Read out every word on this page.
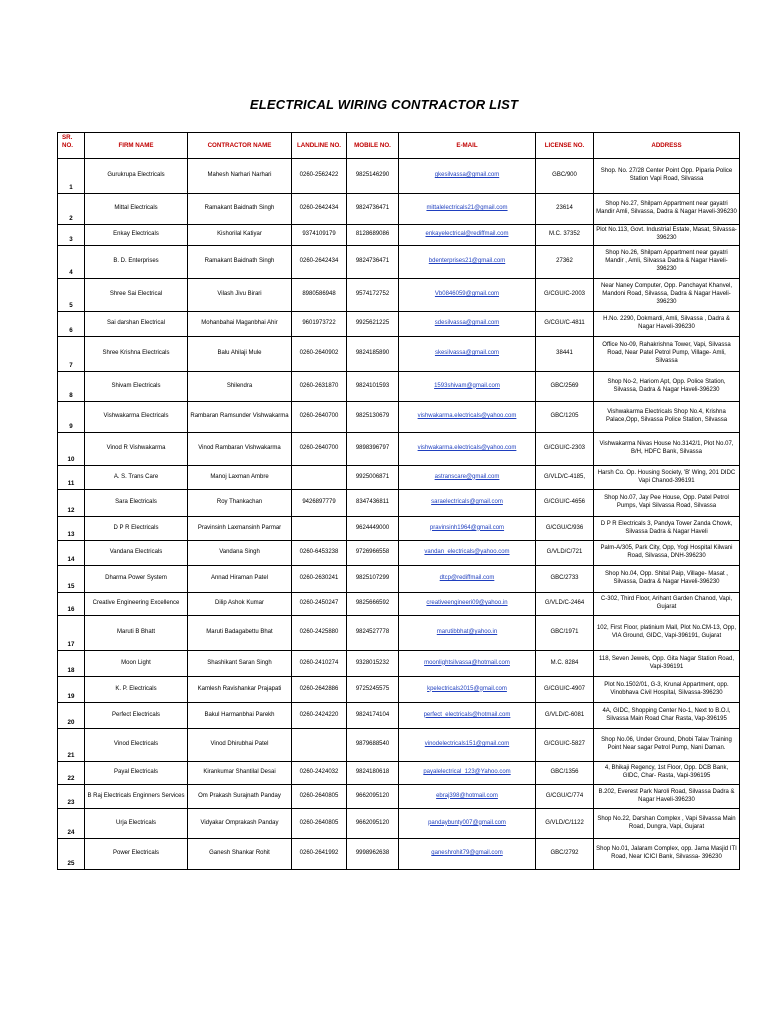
ELECTRICAL WIRING CONTRACTOR LIST
SR. NO.	FIRM NAME	CONTRACTOR NAME	LANDLINE NO.	MOBILE NO.	E-MAIL	LICENSE NO.	ADDRESS
1	Gurukrupa Electricals	Mahesh Narhari Narhari	0260-2562422	9825146290	gkesilvassa@gmail.com	GBC/900	Shop. No. 27/28 Center Point Opp. Piparia Police Station Vapi Road, Silvassa
2	Mittal Electricals	Ramakant Baidnath Singh	0260-2642434	9824736471	mittalelectricals21@gmail.com	23614	Shop No.27, Shilpam Appartment near gayatri Mandir Amli, Silvassa, Dadra & Nagar Haveli-396230
3	Enkay Electricals	Kishorilal Katiyar	9374109179	8128689086	enkayelectrical@rediffmail.com	M.C. 37352	Plot No.113, Govt. Industrial Estate, Masat, Silvassa-396230
4	B. D. Enterprises	Ramakant Baidnath Singh	0260-2642434	9824736471	bdenterprises21@gmail.com	27362	Shop No.26, Shilpam Appartment near gayatri Mandir , Amli, Silvassa Dadra & Nagar Haveli-396230
5	Shree Sai Electrical	Vilash Jivu Birari	8980586948	9574172752	Vb0846059@gmail.com	G/CGU/C-2003	Near Naney Computer, Opp. Panchayat Khanvel, Mandoni Road, Silvassa, Dadra & Nagar Haveli-396230
6	Sai darshan Electrical	Mohanbahai Maganbhai Ahir	9601973722	9925621225	sdesilvassa@gmail.com	G/CGU/C-4811	H.No. 2290, Dokmardi, Amli, Silvassa , Dadra & Nagar Haveli-396230
7	Shree Krishna Electricals	Balu Ahilaji Mule	0260-2640902	9824185890	skesilvassa@gmail.com	38441	Office No-09, Rahakrishna Tower, Vapi, Silvassa Road, Near Patel Petrol Pump, Village- Amli, Silvassa
8	Shivam Electricals	Shilendra	0260-2631870	9824101593	1593shivam@gmail.com	GBC/2569	Shop No-2, Hariom Apt, Opp. Police Station, Silvassa, Dadra & Nagar Haveli-396230
9	Vishwakarma Electricals	Rambaran Ramsunder Vishwakarma	0260-2640700	9825130679	vishwakarma.electricals@yahoo.com	GBC/1205	Vishwakarma Electricals Shop No.4, Krishna Palace,Opp, Silvassa Police Station, Silvassa
10	Vinod R Vishwakarma	Vinod Rambaran Vishwakarma	0260-2640700	9898396797	vishwakarma.electricals@yahoo.com	G/CGU/C-2303	Vishwakarma Nivas House No.3142/1, Plot No.07, B/H, HDFC Bank, Silvassa
11	A. S. Trans Care	Manoj Laxman Ambre		9925006871	astranscare@gmail.com	G/VLD/C-4185,	Harsh Co. Op. Housing Society, 'B' Wing, 201 DIDC Vapi Chanod-396191
12	Sara Electricals	Roy Thankachan	9426897779	8347436811	saraelectricals@gmail.com	G/CGU/C-4656	Shop No.07, Jay Pee House, Opp. Patel Petrol Pumps, Vapi Silvassa Road, Silvassa
13	D P R Electricals	Pravinsinh Laxmansinh Parmar		9624449000	pravinsinh1964@gmail.com	G/CGU/C/936	D P R Electricals 3, Pandya Tower Zanda Chowk, Silvassa Dadra & Nagar Haveli
14	Vandana Electricals	Vandana Singh	0260-6453238	9726966558	vandan_electricals@yahoo.com	G/VLD/C/721	Palm-A/305, Park City, Opp, Yogi Hospital Kilwani Road, Silvassa, DNH-396230
15	Dharma Power System	Annad Hiraman Patel	0260-2630241	9825107299	dtcp@rediffmail.com	GBC/2733	Shop No.04, Opp. Shital Paip, Village- Masat , Silvassa, Dadra & Nagar Haveli-396230
16	Creative Engineering Excellence	Dilip Ashok Kumar	0260-2450247	9825666592	creativeengineeri09@yahoo.in	G/VLD/C-2464	C-302, Third Floor, Arihant Garden Chanod, Vapi, Gujarat
17	Maruti B Bhatt	Maruti Badagabettu Bhat	0260-2425880	9824527778	marutibbhat@yahoo.in	GBC/1971	102, First Floor, platinium Mall, Plot No.CM-13, Opp, VIA Ground, GIDC, Vapi-396191, Gujarat
18	Moon Light	Shashikant Saran Singh	0260-2410274	9328015232	moonlightsilvassa@hotmail.com	M.C. 8284	118, Seven Jewels, Opp. Gita Nagar Station Road, Vapi-396191
19	K. P. Electricals	Kamlesh Ravishankar Prajapati	0260-2642886	9725245575	kpelectricals2015@gmail.com	G/CGU/C-4907	Plot No.1502/01, G-3, Krunal Appartment, opp. Vinobhava Civil Hospital, Silvassa-396230
20	Perfect Electricals	Bakul Harmanbhai Parekh	0260-2424220	9824174104	perfect_electricals@hotmail.com	G/VLD/C-6081	4A, GIDC, Shopping Center No-1, Next to B.O.I, Silvassa Main Road Char Rasta, Vap-396195
21	Vinod Electricals	Vinod Dhirubhai Patel		9879688540	vinodelectricals151@gmail.com	G/CGU/C-5827	Shop No.06, Under Ground, Dhobi Talav Training Point Near sagar Petrol Pump, Nani Daman.
22	Payal Electricals	Kirankumar Shantilal Desai	0260-2424032	9824180618	payalelectrical_123@Yahoo.com	GBC/1356	4, Bhikaji Regency, 1st Floor, Opp. DCB Bank, GIDC, Char- Rasta, Vapi-396195
23	B Raj Electricals Enginners Services	Om Prakash Surajnath Panday	0260-2640805	9662095120	ebraj398@hotmail.com	G/CGU/C/774	B.202, Everest Park Naroli Road, Silvassa Dadra & Nagar Haveli-396230
24	Urja Electricals	Vidyakar Omprakash Panday	0260-2640805	9662095120	pandaybunty007@gmail.com	G/VLD/C/1122	Shop No.22, Darshan Complex , Vapi Silvassa Main Road, Dungra, Vapi, Gujarat
25	Power Electricals	Ganesh Shankar Rohit	0260-2641992	9998962638	ganeshrohit79@gmail.com	GBC/2792	Shop No.01, Jalaram Complex, opp. Jama Masjid ITI Road, Near ICICI Bank, Silvassa- 396230
